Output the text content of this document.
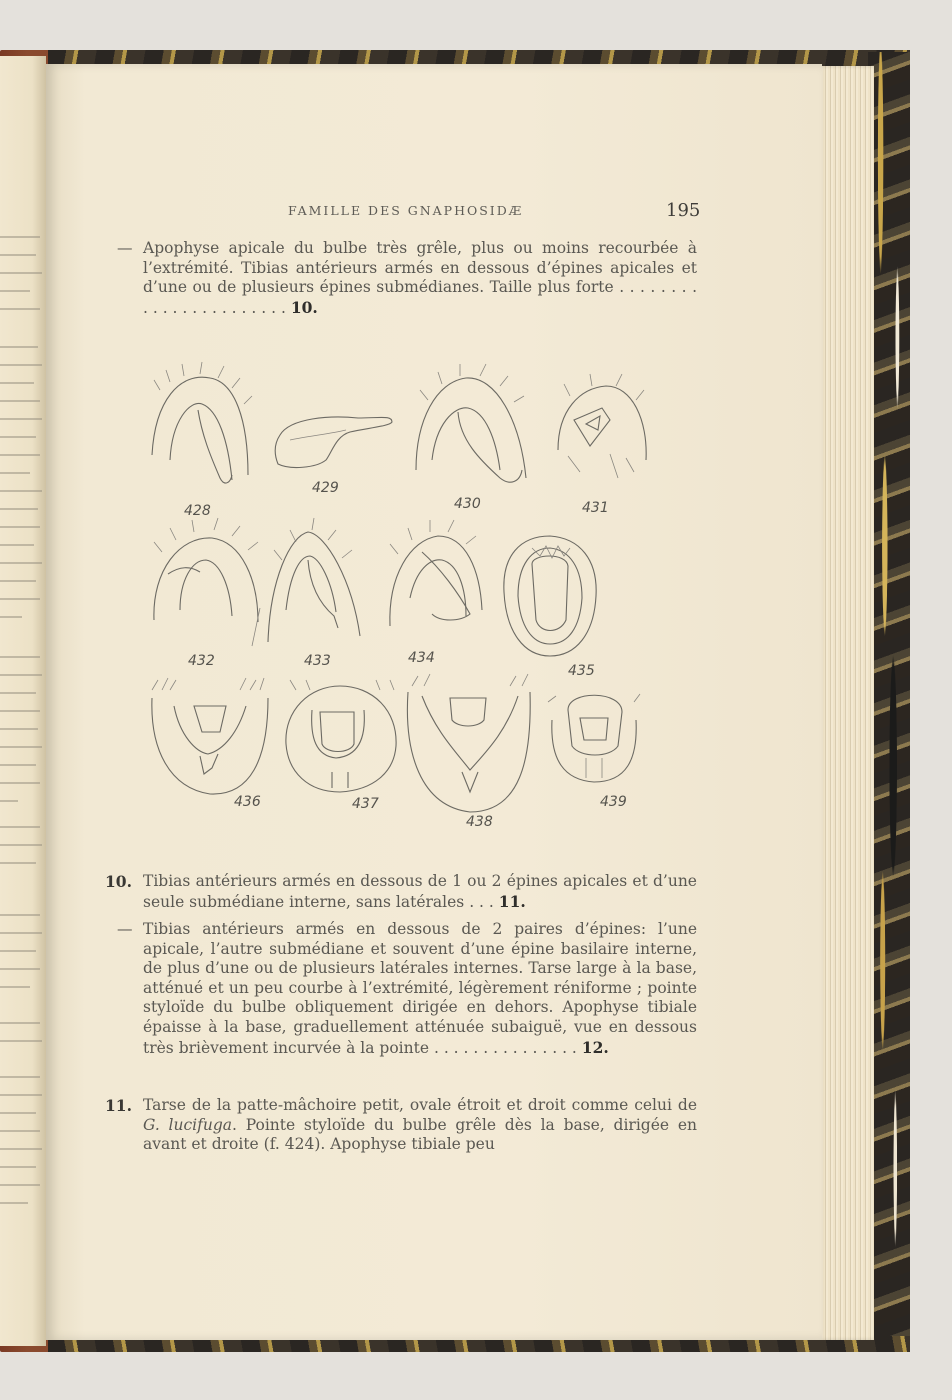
FAMILLE DES GNAPHOSIDÆ	195
— Apophyse apicale du bulbe très grêle, plus ou moins recourbée à l’extrémité. Tibias antérieurs armés en dessous d’épines apicales et d’une ou de plusieurs épines submédianes. Taille plus forte . . . . . . . . . . . . . . . . . . . . . . . 10.
428
429
430	431
432	433	434
435
436	437
438
439
10. Tibias antérieurs armés en dessous de 1 ou 2 épines apicales et d’une seule submédiane interne, sans latérales . . . 11.
— Tibias antérieurs armés en dessous de 2 paires d’épines: l’une apicale, l’autre submédiane et souvent d’une épine basilaire interne, de plus d’une ou de plusieurs latérales internes. Tarse large à la base, atténué et un peu courbe à l’extrémité, légèrement réniforme ; pointe styloïde du bulbe obliquement dirigée en dehors. Apophyse tibiale épaisse à la base, graduellement atténuée subaiguë, vue en dessous très brièvement incurvée à la pointe . . . . . . . . . . . . . . . 12.
11. Tarse de la patte-mâchoire petit, ovale étroit et droit comme celui de G. lucifuga. Pointe styloïde du bulbe grêle dès la base, dirigée en avant et droite (f. 424). Apophyse tibiale peu
